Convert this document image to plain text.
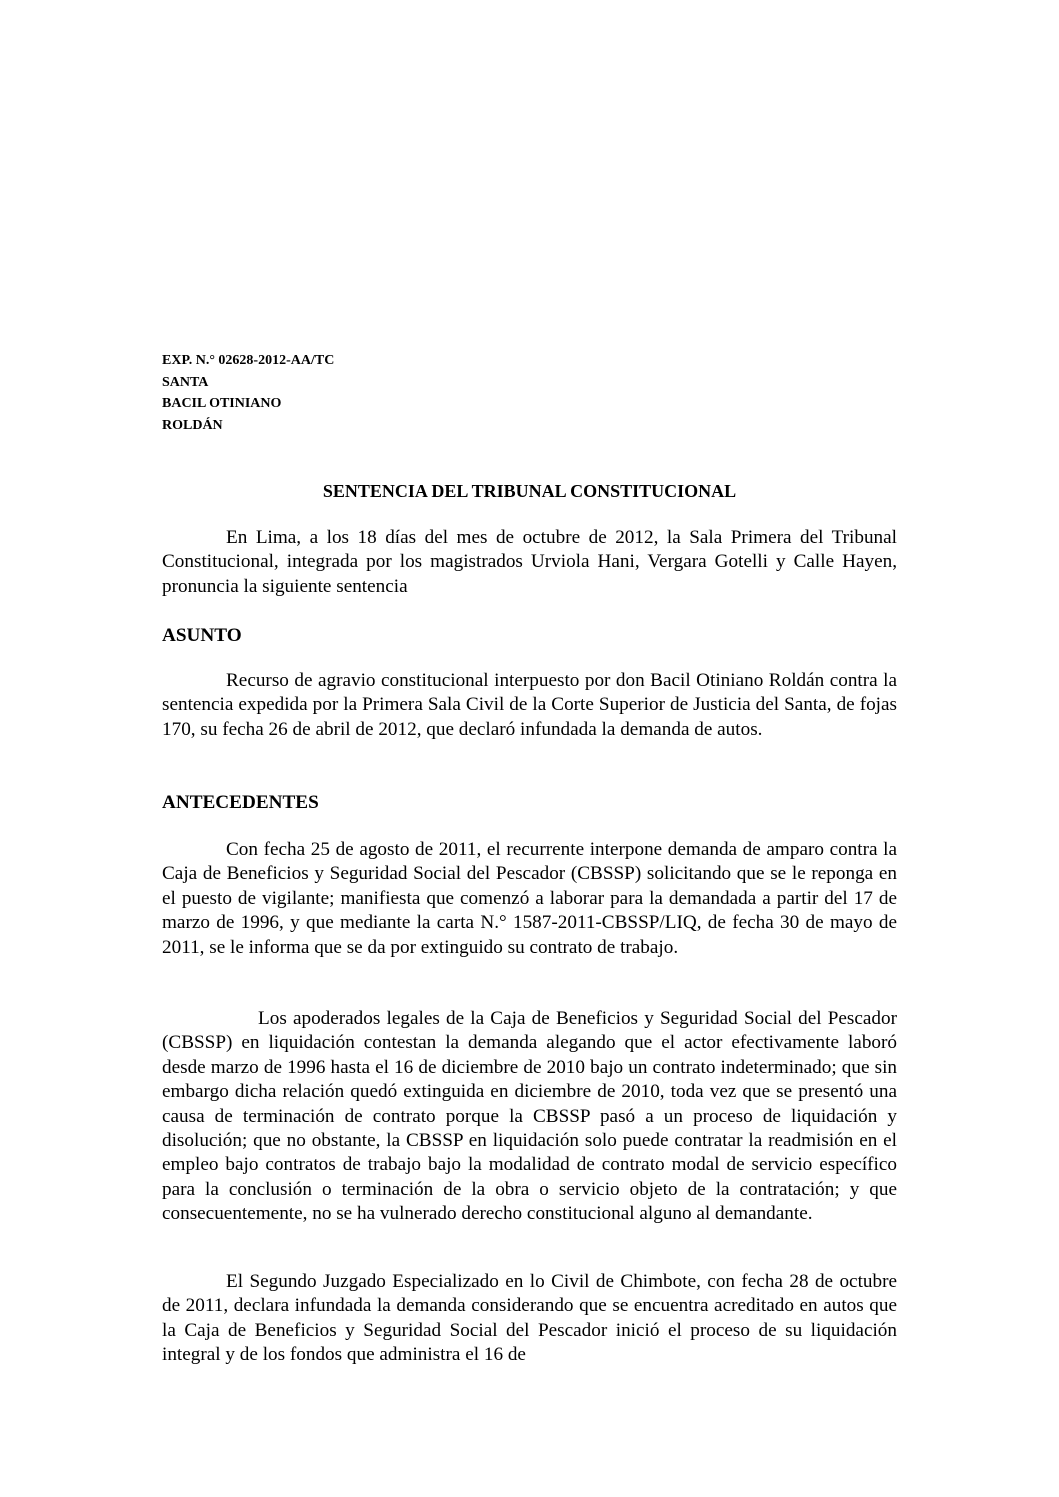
EXP. N.° 02628-2012-AA/TC
SANTA
BACIL OTINIANO
ROLDÁN
SENTENCIA DEL TRIBUNAL CONSTITUCIONAL
En Lima, a los 18 días del mes de octubre de 2012, la Sala Primera del Tribunal Constitucional, integrada por los magistrados Urviola Hani, Vergara Gotelli y Calle Hayen, pronuncia la siguiente sentencia
ASUNTO
Recurso de agravio constitucional interpuesto por don Bacil Otiniano Roldán contra la sentencia expedida por la Primera Sala Civil de la Corte Superior de Justicia del Santa, de fojas 170, su fecha 26 de abril de 2012, que declaró infundada la demanda de autos.
ANTECEDENTES
Con fecha 25 de agosto de 2011, el recurrente interpone demanda de amparo contra la Caja de Beneficios y Seguridad Social del Pescador (CBSSP) solicitando que se le reponga en el puesto de vigilante; manifiesta que comenzó a laborar para la demandada a partir del 17 de marzo de 1996, y que mediante la carta N.° 1587-2011-CBSSP/LIQ, de fecha 30 de mayo de 2011, se le informa que se da por extinguido su contrato de trabajo.
Los apoderados legales de la Caja de Beneficios y Seguridad Social del Pescador (CBSSP) en liquidación contestan la demanda alegando que el actor efectivamente laboró desde marzo de 1996 hasta el 16 de diciembre de 2010 bajo un contrato indeterminado; que sin embargo dicha relación quedó extinguida en diciembre de 2010, toda vez que se presentó una causa de terminación de contrato porque la CBSSP pasó a un proceso de liquidación y disolución; que no obstante, la CBSSP en liquidación solo puede contratar la readmisión en el empleo bajo contratos de trabajo bajo la modalidad de contrato modal de servicio específico para la conclusión o terminación de la obra o servicio objeto de la contratación; y que consecuentemente, no se ha vulnerado derecho constitucional alguno al demandante.
El Segundo Juzgado Especializado en lo Civil de Chimbote, con fecha 28 de octubre de 2011, declara infundada la demanda considerando que se encuentra acreditado en autos que la Caja de Beneficios y Seguridad Social del Pescador inició el proceso de su liquidación integral y de los fondos que administra el 16 de
